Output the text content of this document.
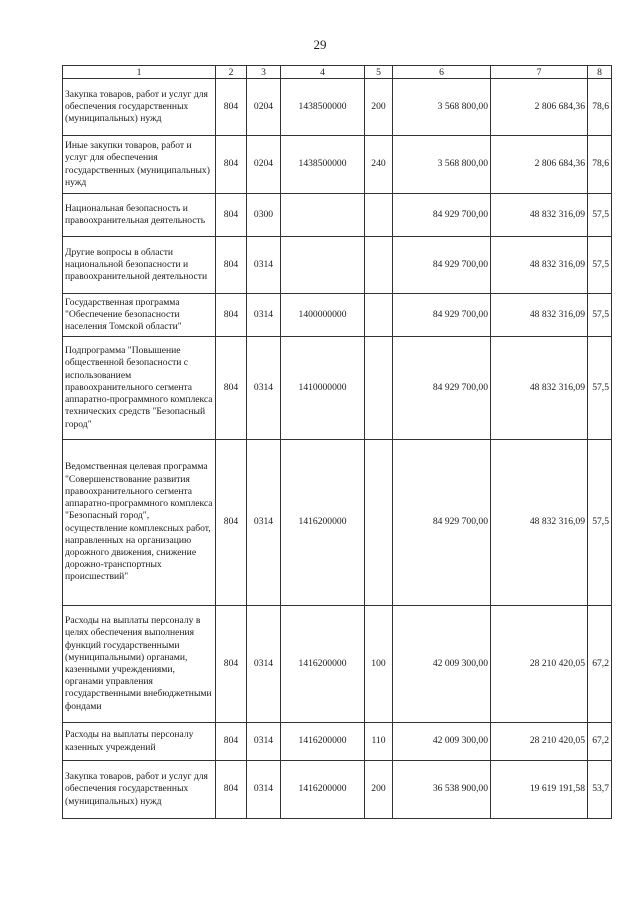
29
1	2	3	4	5	6	7	8
Закупка товаров, работ и услуг для обеспечения государственных (муниципальных) нужд	804	0204	1438500000	200	3 568 800,00	2 806 684,36	78,6
Иные закупки товаров, работ и услуг для обеспечения государственных (муниципальных) нужд	804	0204	1438500000	240	3 568 800,00	2 806 684,36	78,6
Национальная безопасность и правоохранительная деятельность	804	0300			84 929 700,00	48 832 316,09	57,5
Другие вопросы в области национальной безопасности и правоохранительной деятельности	804	0314			84 929 700,00	48 832 316,09	57,5
Государственная программа "Обеспечение безопасности населения Томской области"	804	0314	1400000000		84 929 700,00	48 832 316,09	57,5
Подпрограмма "Повышение общественной безопасности с использованием правоохранительного сегмента аппаратно-программного комплекса технических средств "Безопасный город"	804	0314	1410000000		84 929 700,00	48 832 316,09	57,5
Ведомственная целевая программа "Совершенствование развития правоохранительного сегмента аппаратно-программного комплекса "Безопасный город", осуществление комплексных работ, направленных на организацию дорожного движения, снижение дорожно-транспортных происшествий"	804	0314	1416200000		84 929 700,00	48 832 316,09	57,5
Расходы на выплаты персоналу в целях обеспечения выполнения функций государственными (муниципальными) органами, казенными учреждениями, органами управления государственными внебюджетными фондами	804	0314	1416200000	100	42 009 300,00	28 210 420,05	67,2
Расходы на выплаты персоналу казенных учреждений	804	0314	1416200000	110	42 009 300,00	28 210 420,05	67,2
Закупка товаров, работ и услуг для обеспечения государственных (муниципальных) нужд	804	0314	1416200000	200	36 538 900,00	19 619 191,58	53,7
